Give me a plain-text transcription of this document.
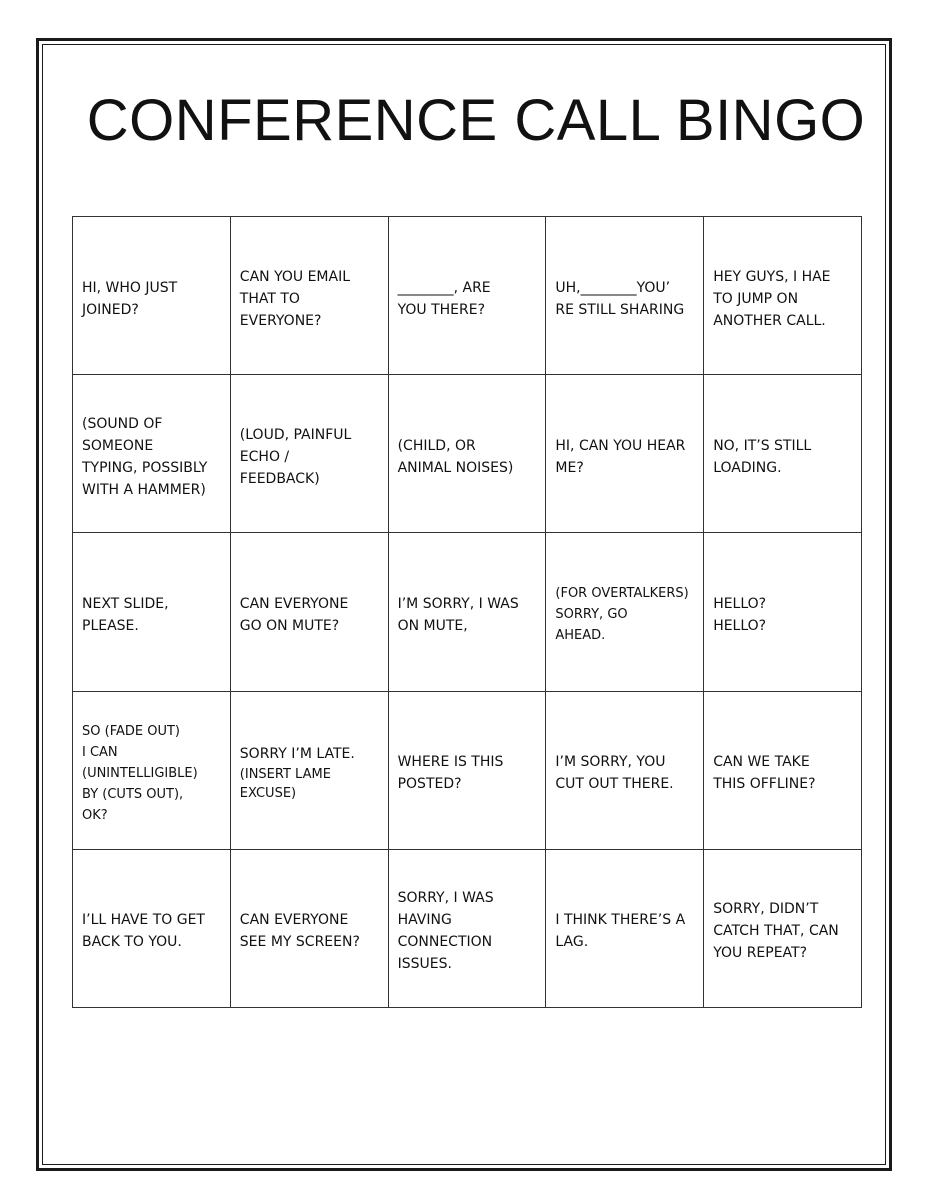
CONFERENCE CALL BINGO
HI, WHO JUST
JOINED?
CAN YOU EMAIL
THAT TO
EVERYONE?
________, ARE
YOU THERE?
UH,________YOU’
RE STILL SHARING
HEY GUYS, I HAE
TO JUMP ON
ANOTHER CALL.
(SOUND OF
SOMEONE
TYPING, POSSIBLY
WITH A HAMMER)
(LOUD, PAINFUL
ECHO /
FEEDBACK)
(CHILD, OR
ANIMAL NOISES)
HI, CAN YOU HEAR
ME?
NO, IT’S STILL
LOADING.
NEXT SLIDE,
PLEASE.
CAN EVERYONE
GO ON MUTE?
I’M SORRY, I WAS
ON MUTE,
(FOR OVERTALKERS)
SORRY, GO
AHEAD.
HELLO?
HELLO?
SO (FADE OUT)
I CAN
(UNINTELLIGIBLE)
BY (CUTS OUT),
OK?

SORRY I’M LATE.

(INSERT LAME
EXCUSE)

WHERE IS THIS
POSTED?
I’M SORRY, YOU
CUT OUT THERE.
CAN WE TAKE
THIS OFFLINE?
I’LL HAVE TO GET
BACK TO YOU.
CAN EVERYONE
SEE MY SCREEN?
SORRY, I WAS
HAVING
CONNECTION
ISSUES.
I THINK THERE’S A
LAG.
SORRY, DIDN’T
CATCH THAT, CAN
YOU REPEAT?
